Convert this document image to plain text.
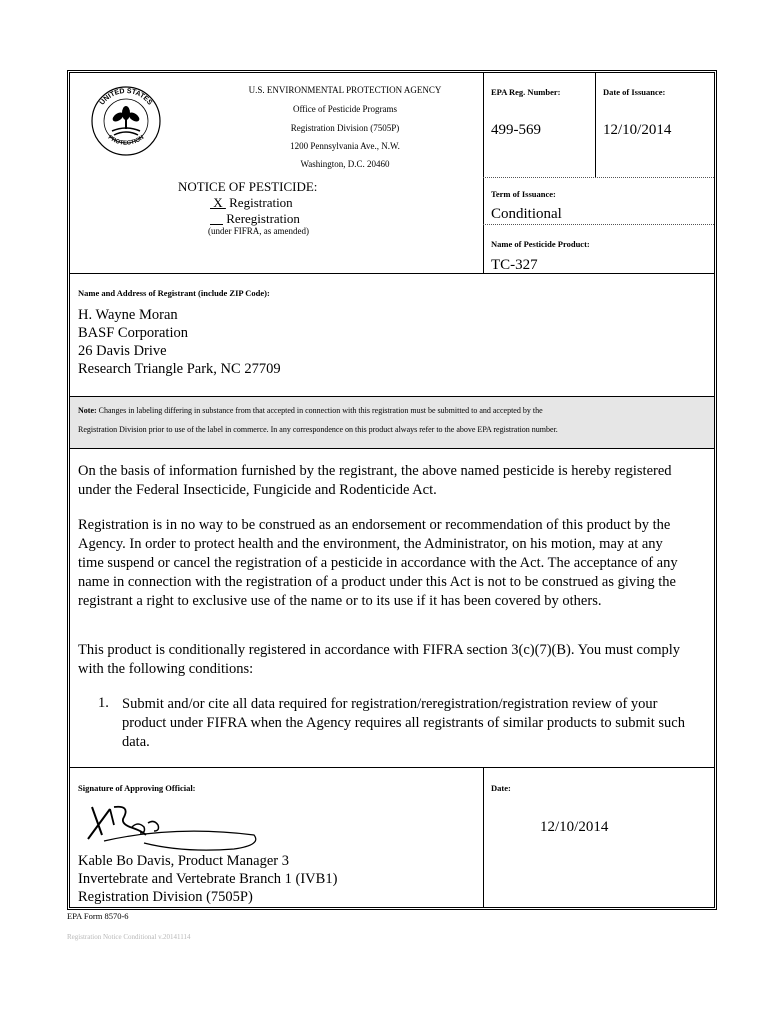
UNITED STATES
PROTECTION
U.S. ENVIRONMENTAL PROTECTION AGENCY
Office of Pesticide Programs
Registration Division (7505P)
1200 Pennsylvania Ave., N.W.
Washington, D.C. 20460
NOTICE OF PESTICIDE:
X  Registration
Reregistration
(under FIFRA, as amended)
EPA Reg. Number:
499-569
Date of Issuance:
12/10/2014
Term of Issuance:
Conditional
Name of Pesticide Product:
TC-327
Name and Address of Registrant (include ZIP Code):
H. Wayne Moran
BASF Corporation
26 Davis Drive
Research Triangle Park, NC 27709
Note: Changes in labeling differing in substance from that accepted in connection with this registration must be submitted to and accepted by the
Registration Division prior to use of the label in commerce. In any correspondence on this product always refer to the above EPA registration number.
On the basis of information furnished by the registrant, the above named pesticide is hereby registered
under the Federal Insecticide, Fungicide and Rodenticide Act.
Registration is in no way to be construed as an endorsement or recommendation of this product by the
Agency. In order to protect health and the environment, the Administrator, on his motion, may at any
time suspend or cancel the registration of a pesticide in accordance with the Act. The acceptance of any
name in connection with the registration of a product under this Act is not to be construed as giving the
registrant a right to exclusive use of the name or to its use if it has been covered by others.
This product is conditionally registered in accordance with FIFRA section 3(c)(7)(B). You must comply
with the following conditions:
1. Submit and/or cite all data required for registration/reregistration/registration review of your
product under FIFRA when the Agency requires all registrants of similar products to submit such
data.
Signature of Approving Official:	Date:
12/10/2014
Kable Bo Davis, Product Manager 3
Invertebrate and Vertebrate Branch 1 (IVB1)
Registration Division (7505P)
EPA Form 8570-6
Registration Notice Conditional v.20141114
